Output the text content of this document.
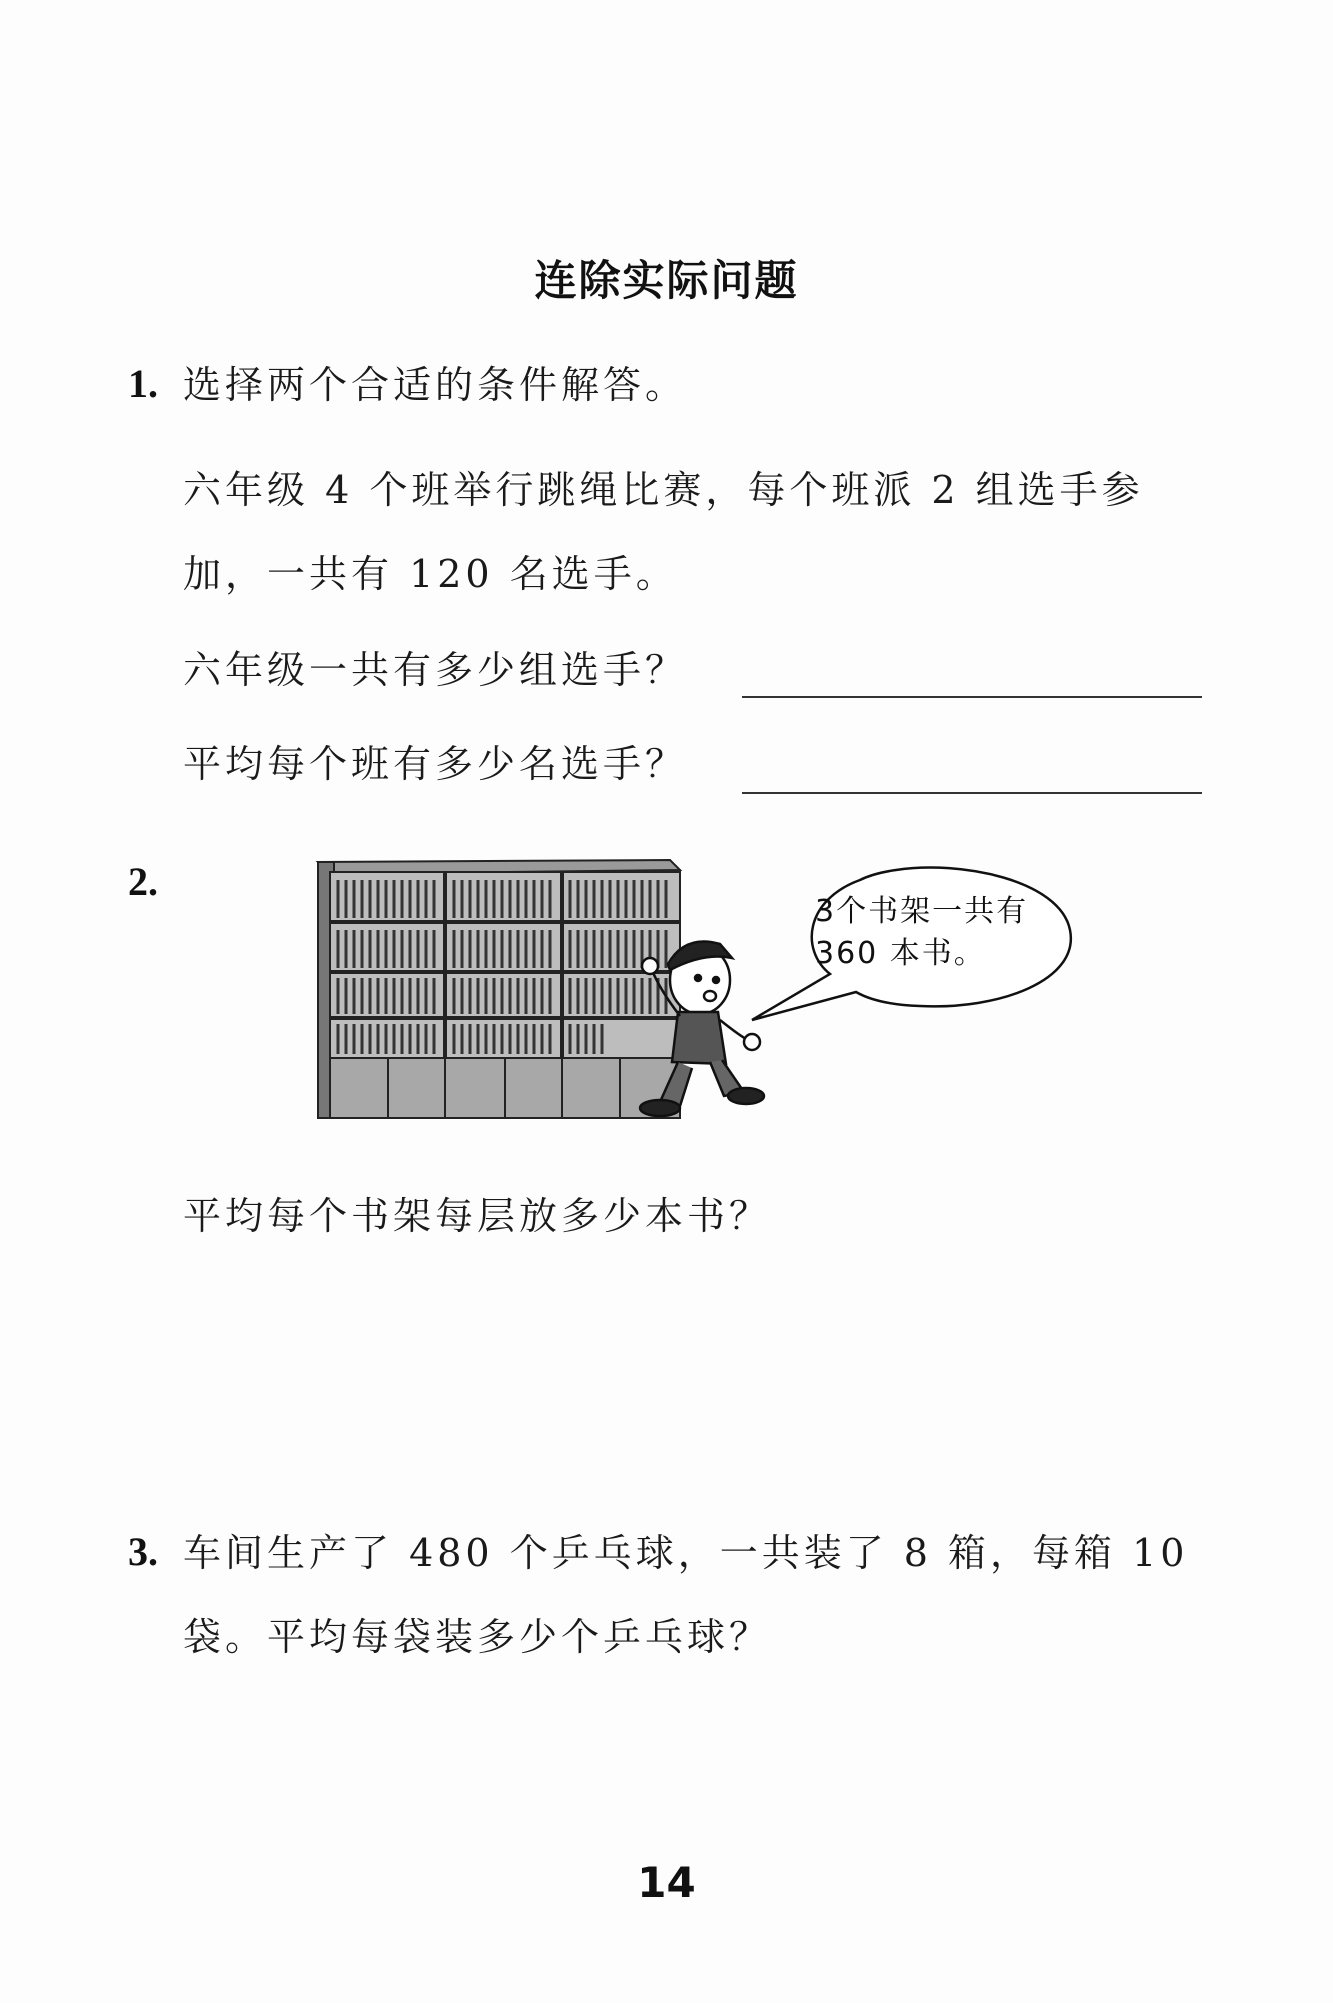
连除实际问题
1. 选择两个合适的条件解答。
六年级 4 个班举行跳绳比赛，每个班派 2 组选手参
加，一共有 120 名选手。
六年级一共有多少组选手？
平均每个班有多少名选手？
2.
3个书架一共有
360 本书。
平均每个书架每层放多少本书？
3. 车间生产了 480 个乒乓球，一共装了 8 箱，每箱 10
袋。平均每袋装多少个乒乓球？
14
